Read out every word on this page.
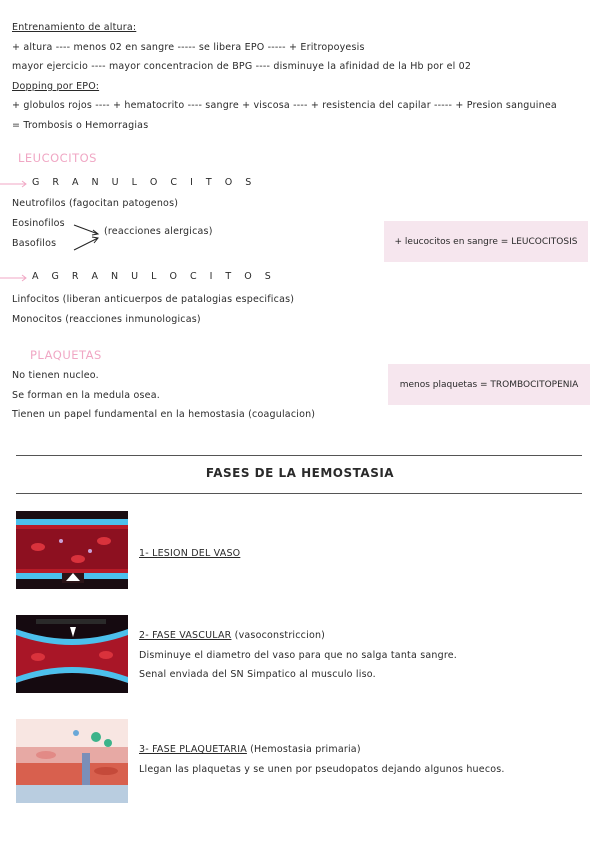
Entrenamiento de altura:
+ altura ---- menos 02 en sangre ----- se libera EPO ----- + Eritropoyesis
mayor ejercicio ---- mayor concentracion de BPG ---- disminuye la afinidad de la Hb por el 02
Dopping por EPO:
+ globulos rojos ---- + hematocrito ---- sangre + viscosa ---- + resistencia del capilar ----- + Presion sanguinea
= Trombosis o Hemorragias
LEUCOCITOS
G R A N U L O C I T O S
Neutrofilos (fagocitan patogenos)
Eosinofilos
Basofilos
(reacciones alergicas)
+ leucocitos en sangre = LEUCOCITOSIS
A G R A N U L O C I T O S
Linfocitos (liberan anticuerpos de patalogias especificas)
Monocitos (reacciones inmunologicas)
PLAQUETAS
No tienen nucleo.
Se forman en la medula osea.
Tienen un papel fundamental en la hemostasia (coagulacion)
menos plaquetas = TROMBOCITOPENIA
FASES DE LA HEMOSTASIA
1- LESION DEL VASO
2- FASE VASCULAR (vasoconstriccion)
Disminuye el diametro del vaso para que no salga tanta sangre.
Senal enviada del SN Simpatico al musculo liso.
3- FASE PLAQUETARIA (Hemostasia primaria)
Llegan las plaquetas y se unen por pseudopatos dejando algunos huecos.
